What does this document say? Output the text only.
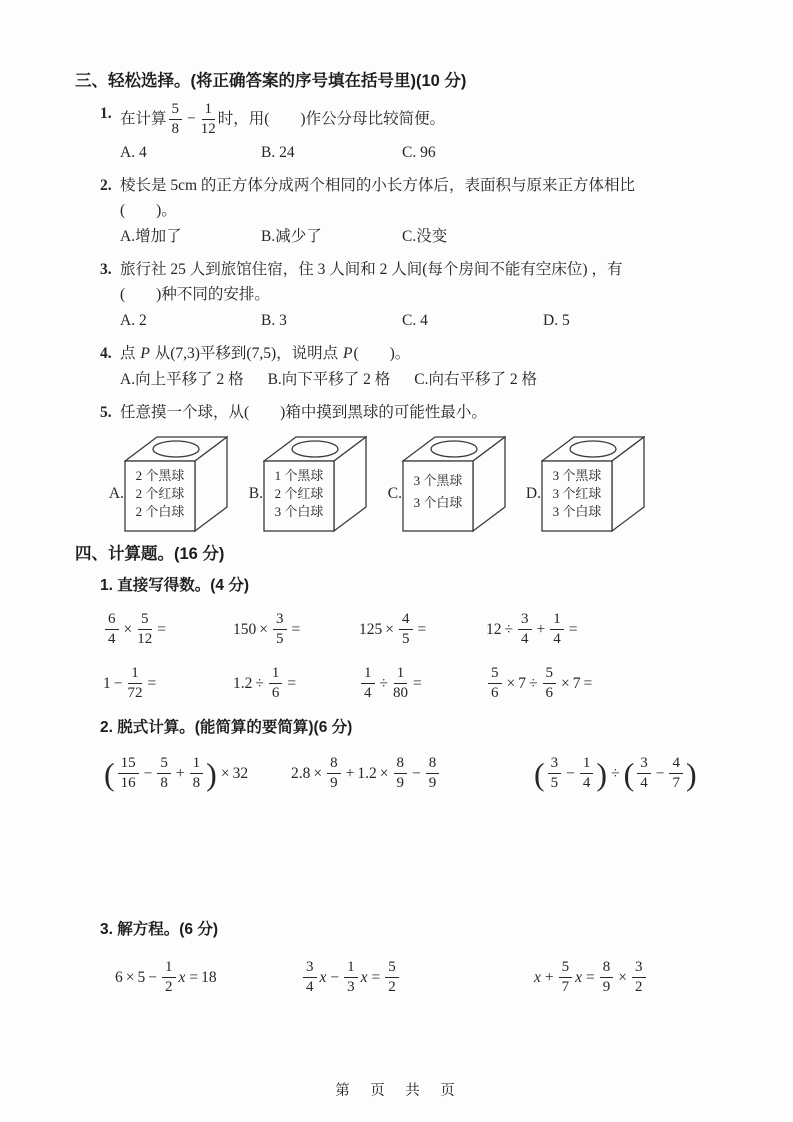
三、轻松选择。(将正确答案的序号填在括号里)(10 分)
1. 在计算 $\frac{5}{8} - \frac{1}{12}$ 时，用(　　)作公分母比较简便。
A. 4	B. 24	C. 96
2. 棱长是 5cm 的正方体分成两个相同的小长方体后，表面积与原来正方体相比
(　　)。
A.增加了	B.减少了	C.没变
3. 旅行社 25 人到旅馆住宿，住 3 人间和 2 人间(每个房间不能有空床位) ，有
(　　)种不同的安排。
A. 2	B. 3	C. 4	D. 5
4. 点 P 从(7,3)平移到(7,5)，说明点 P(　　)。
A.向上平移了 2 格 B.向下平移了 2 格 C.向右平移了 2 格
5. 任意摸一个球，从(　　)箱中摸到黑球的可能性最小。
A.
2 个黑球
2 个红球
2 个白球
B.
1 个黑球
2 个红球
3 个白球
C.
3 个黑球
3 个白球
D.
3 个黑球
3 个红球
3 个白球
四、计算题。(16 分)
1. 直接写得数。(4 分)
$\frac{6}{4} \times \frac{5}{12}$ =	$150 \times \frac{3}{5}$ =	$125 \times \frac{4}{5}$ =	$12 \div \frac{3}{4} + \frac{1}{4}$ =
$1 - \frac{1}{72}$ =	$1.2 \div \frac{1}{6}$ =	$\frac{1}{4} \div \frac{1}{80}$ =	$\frac{5}{6} \times 7 \div \frac{5}{6} \times 7$ =
2. 脱式计算。(能简算的要简算)(6 分)
( $\frac{15}{16} - \frac{5}{8} + \frac{1}{8}$ ) × 32	$2.8 \times \frac{8}{9} + 1.2 \times \frac{8}{9} - \frac{8}{9}$	( $\frac{3}{5} - \frac{1}{4}$ ) ÷ ( $\frac{3}{4} - \frac{4}{7}$ )
3. 解方程。(6 分)
$6 \times 5 - \frac{1}{2}$ x = 18	$\frac{3}{4}$ $x - \frac{1}{3}$ $x = \frac{5}{2}$	$x + \frac{5}{7}$ $x = \frac{8}{9} \times \frac{3}{2}$
第　页　共　页
